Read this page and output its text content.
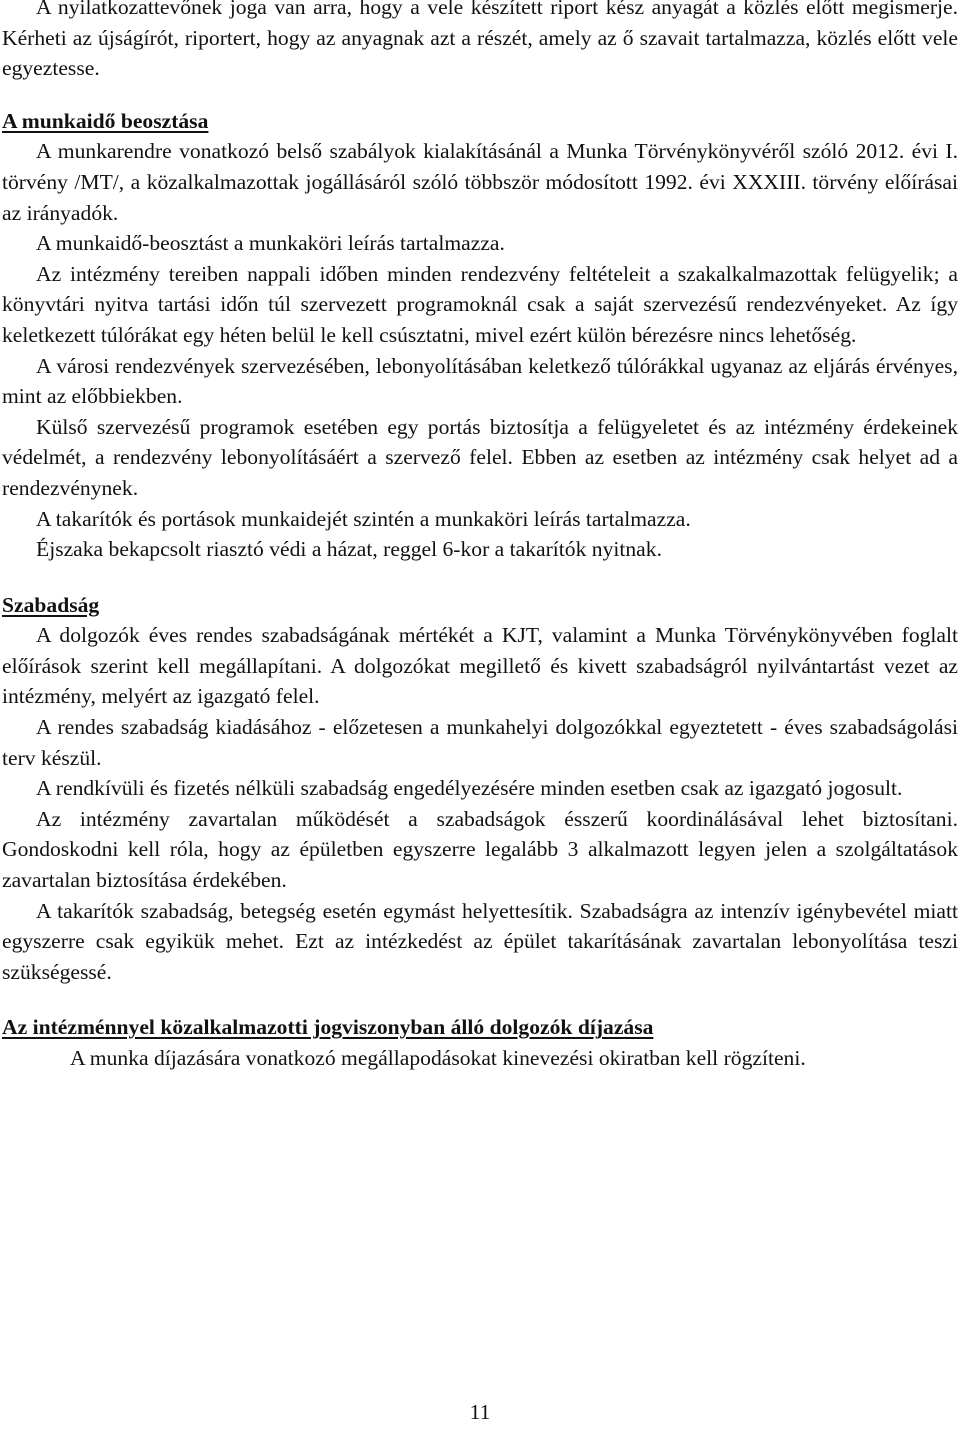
A nyilatkozattevőnek joga van arra, hogy a vele készített riport kész anyagát a közlés előtt megismerje. Kérheti az újságírót, riportert, hogy az anyagnak azt a részét, amely az ő szavait tartalmazza, közlés előtt vele egyeztesse.

A munkaidő beosztása

A munkarendre vonatkozó belső szabályok kialakításánál a Munka Törvénykönyvéről szóló 2012. évi I. törvény /MT/, a közalkalmazottak jogállásáról szóló többször módosított 1992. évi XXXIII. törvény előírásai az irányadók.

A munkaidő-beosztást a munkaköri leírás tartalmazza.

Az intézmény tereiben nappali időben minden rendezvény feltételeit a szakalkalmazottak felügyelik; a könyvtári nyitva tartási időn túl szervezett programoknál csak a saját szervezésű rendezvényeket. Az így keletkezett túlórákat egy héten belül le kell csúsztatni, mivel ezért külön bérezésre nincs lehetőség.

A városi rendezvények szervezésében, lebonyolításában keletkező túlórákkal ugyanaz az eljárás érvényes, mint az előbbiekben.

Külső szervezésű programok esetében egy portás biztosítja a felügyeletet és az intézmény érdekeinek védelmét, a rendezvény lebonyolításáért a szervező felel. Ebben az esetben az intézmény csak helyet ad a rendezvénynek.

A takarítók és portások munkaidejét szintén a munkaköri leírás tartalmazza.

Éjszaka bekapcsolt riasztó védi a házat, reggel 6-kor a takarítók nyitnak.

Szabadság

A dolgozók éves rendes szabadságának mértékét a KJT, valamint a Munka Törvénykönyvében foglalt előírások szerint kell megállapítani. A dolgozókat megillető és kivett szabadságról nyilvántartást vezet az intézmény, melyért az igazgató felel.

A rendes szabadság kiadásához - előzetesen a munkahelyi dolgozókkal egyeztetett - éves szabadságolási terv készül.

A rendkívüli és fizetés nélküli szabadság engedélyezésére minden esetben csak az igazgató jogosult.

Az intézmény zavartalan működését a szabadságok ésszerű koordinálásával lehet biztosítani. Gondoskodni kell róla, hogy az épületben egyszerre legalább 3 alkalmazott legyen jelen a szolgáltatások zavartalan biztosítása érdekében.

A takarítók szabadság, betegség esetén egymást helyettesítik. Szabadságra az intenzív igénybevétel miatt egyszerre csak egyikük mehet. Ezt az intézkedést az épület takarításának zavartalan lebonyolítása teszi szükségessé.

Az intézménnyel közalkalmazotti jogviszonyban álló dolgozók díjazása

A munka díjazására vonatkozó megállapodásokat kinevezési okiratban kell rögzíteni.

11
